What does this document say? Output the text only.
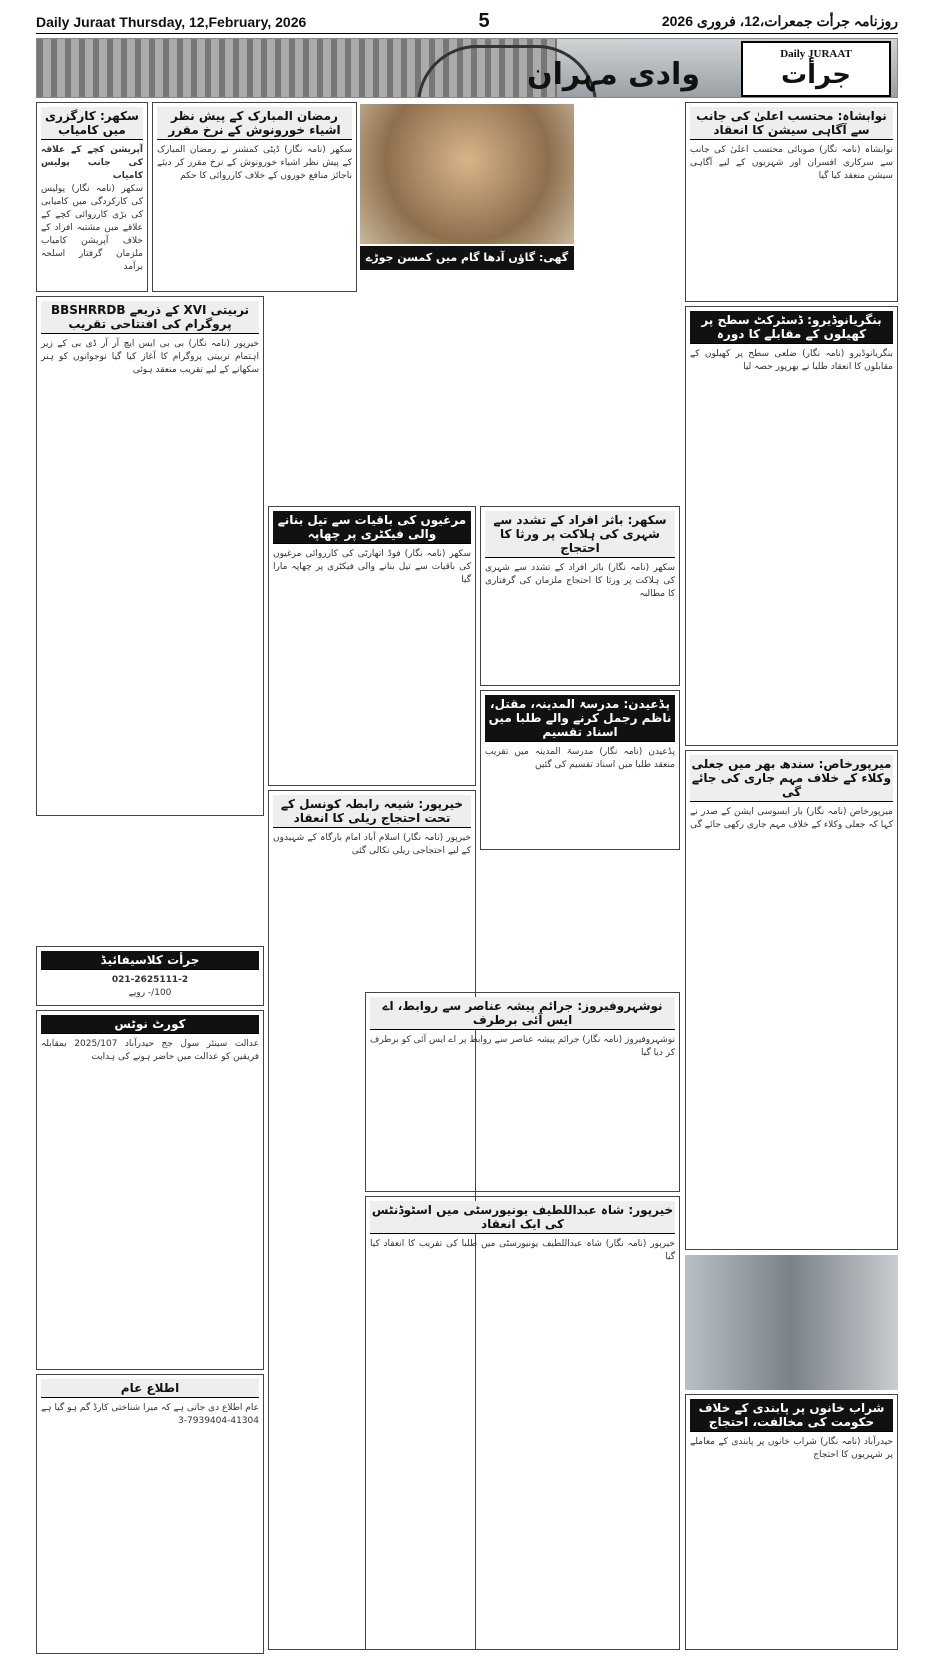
Daily Juraat Thursday, 12,February, 2026	5	روزنامہ جرأت جمعرات،12، فروری 2026
وادی مہران
Daily JURAAT
جرأت
سکھر: کارگزری میں کامیاب
آپریشن کچے کے علاقہ کی جانب پولیس کامیاب
سکھر (نامہ نگار) پولیس کی کارکردگی میں کامیابی کی بڑی کارروائی کچے کے علاقے میں مشتبہ افراد کے خلاف آپریشن کامیاب ملزمان گرفتار اسلحہ برآمد
BBSHRRDB کے ذریعے XVI تربیتی پروگرام کی افتتاحی تقریب
خیرپور (نامہ نگار) بی بی ایس ایچ آر آر ڈی بی کے زیر اہتمام تربیتی پروگرام کا آغاز کیا گیا نوجوانوں کو ہنر سکھانے کے لیے تقریب منعقد ہوئی
جرأت کلاسیفائیڈ
021-2625111-2
100/- روپے
کورٹ نوٹس
عدالت سینئر سول جج حیدرآباد 2025/107 بمقابلہ فریقین کو عدالت میں حاضر ہونے کی ہدایت
اطلاع عام
عام اطلاع دی جاتی ہے کہ میرا شناختی کارڈ گم ہو گیا ہے 41304-7939404-3
رمضان المبارک کے پیش نظر اشیاء خورونوش کے نرخ مقرر
سکھر (نامہ نگار) ڈپٹی کمشنر نے رمضان المبارک کے پیش نظر اشیاء خورونوش کے نرخ مقرر کر دیئے ناجائز منافع خوروں کے خلاف کارروائی کا حکم
مرغیوں کی باقیات سے تیل بنانے والی فیکٹری پر چھاپہ
سکھر (نامہ نگار) فوڈ اتھارٹی کی کارروائی مرغیوں کی باقیات سے تیل بنانے والی فیکٹری پر چھاپہ مارا گیا
خیرپور: شیعہ رابطہ کونسل کے تحت احتجاج ریلی کا انعقاد
خیرپور (نامہ نگار) اسلام آباد امام بارگاہ کے شہیدوں کے لیے احتجاجی ریلی نکالی گئی
گھی: گاؤں آدھا گام میں کمسن جوڑے کی درخت سے لٹکی لاشیں برآمد
سکھر: باثر افراد کے تشدد سے شہری کی ہلاکت پر ورثا کا احتجاج
سکھر (نامہ نگار) باثر افراد کے تشدد سے شہری کی ہلاکت پر ورثا کا احتجاج ملزمان کی گرفتاری کا مطالبہ
پڈعیدن: مدرسۃ المدینہ، مقتل، ناظم رجمل کرنے والے طلبا میں اسناد تقسیم
پڈعیدن (نامہ نگار) مدرسۃ المدینہ میں تقریب منعقد طلبا میں اسناد تقسیم کی گئیں
نوشہروفیروز: جرائم پیشہ عناصر سے روابط، اے ایس آئی برطرف
نوشہروفیروز (نامہ نگار) جرائم پیشہ عناصر سے روابط پر اے ایس آئی کو برطرف کر دیا گیا
خیرپور: شاہ عبداللطیف یونیورسٹی میں اسٹوڈنٹس کی ایک انعقاد
خیرپور (نامہ نگار) شاہ عبداللطیف یونیورسٹی میں طلبا کی تقریب کا انعقاد کیا گیا
نوابشاہ: محتسب اعلیٰ کی جانب سے آگاہی سیشن کا انعقاد
نوابشاہ (نامہ نگار) صوبائی محتسب اعلیٰ کی جانب سے سرکاری افسران اور شہریوں کے لیے آگاہی سیشن منعقد کیا گیا
بنگریانوڈیرو: ڈسٹرکٹ سطح پر کھیلوں کے مقابلے کا دورہ
بنگریانوڈیرو (نامہ نگار) ضلعی سطح پر کھیلوں کے مقابلوں کا انعقاد طلبا نے بھرپور حصہ لیا
میرپورخاص: سندھ بھر میں جعلی وکلاء کے خلاف مہم جاری کی جائے گی
میرپورخاص (نامہ نگار) بار ایسوسی ایشن کے صدر نے کہا کہ جعلی وکلاء کے خلاف مہم جاری رکھی جائے گی
شراب خانوں پر پابندی کے خلاف حکومت کی مخالفت، احتجاج
حیدرآباد (نامہ نگار) شراب خانوں پر پابندی کے معاملے پر شہریوں کا احتجاج
